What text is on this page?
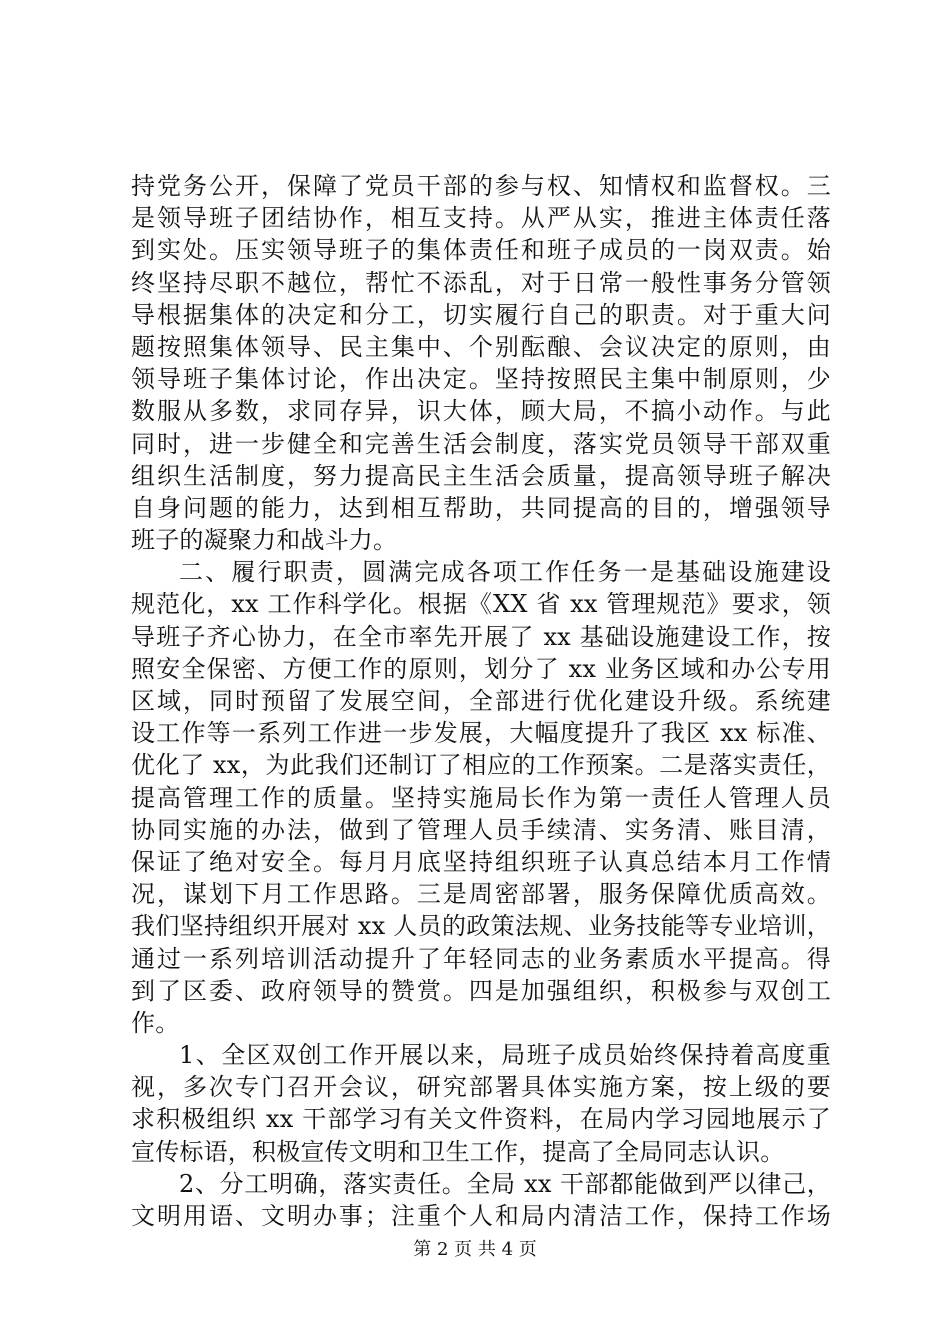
持党务公开，保障了党员干部的参与权、知情权和监督权。三
是领导班子团结协作，相互支持。从严从实，推进主体责任落
到实处。压实领导班子的集体责任和班子成员的一岗双责。始
终坚持尽职不越位，帮忙不添乱，对于日常一般性事务分管领
导根据集体的决定和分工，切实履行自己的职责。对于重大问
题按照集体领导、民主集中、个别酝酿、会议决定的原则，由
领导班子集体讨论，作出决定。坚持按照民主集中制原则，少
数服从多数，求同存异，识大体，顾大局，不搞小动作。与此
同时，进一步健全和完善生活会制度，落实党员领导干部双重
组织生活制度，努力提高民主生活会质量，提高领导班子解决
自身问题的能力，达到相互帮助，共同提高的目的，增强领导
班子的凝聚力和战斗力。
二、履行职责，圆满完成各项工作任务一是基础设施建设
规范化，xx 工作科学化。根据《XX 省 xx 管理规范》要求，领
导班子齐心协力，在全市率先开展了 xx 基础设施建设工作，按
照安全保密、方便工作的原则，划分了 xx 业务区域和办公专用
区域，同时预留了发展空间，全部进行优化建设升级。系统建
设工作等一系列工作进一步发展，大幅度提升了我区 xx 标准、
优化了 xx，为此我们还制订了相应的工作预案。二是落实责任，
提高管理工作的质量。坚持实施局长作为第一责任人管理人员
协同实施的办法，做到了管理人员手续清、实务清、账目清，
保证了绝对安全。每月月底坚持组织班子认真总结本月工作情
况，谋划下月工作思路。三是周密部署，服务保障优质高效。
我们坚持组织开展对 xx 人员的政策法规、业务技能等专业培训，
通过一系列培训活动提升了年轻同志的业务素质水平提高。得
到了区委、政府领导的赞赏。四是加强组织，积极参与双创工
作。
1、全区双创工作开展以来，局班子成员始终保持着高度重
视，多次专门召开会议，研究部署具体实施方案，按上级的要
求积极组织 xx 干部学习有关文件资料，在局内学习园地展示了
宣传标语，积极宣传文明和卫生工作，提高了全局同志认识。
2、分工明确，落实责任。全局 xx 干部都能做到严以律己，
文明用语、文明办事；注重个人和局内清洁工作，保持工作场
第 2 页 共 4 页
